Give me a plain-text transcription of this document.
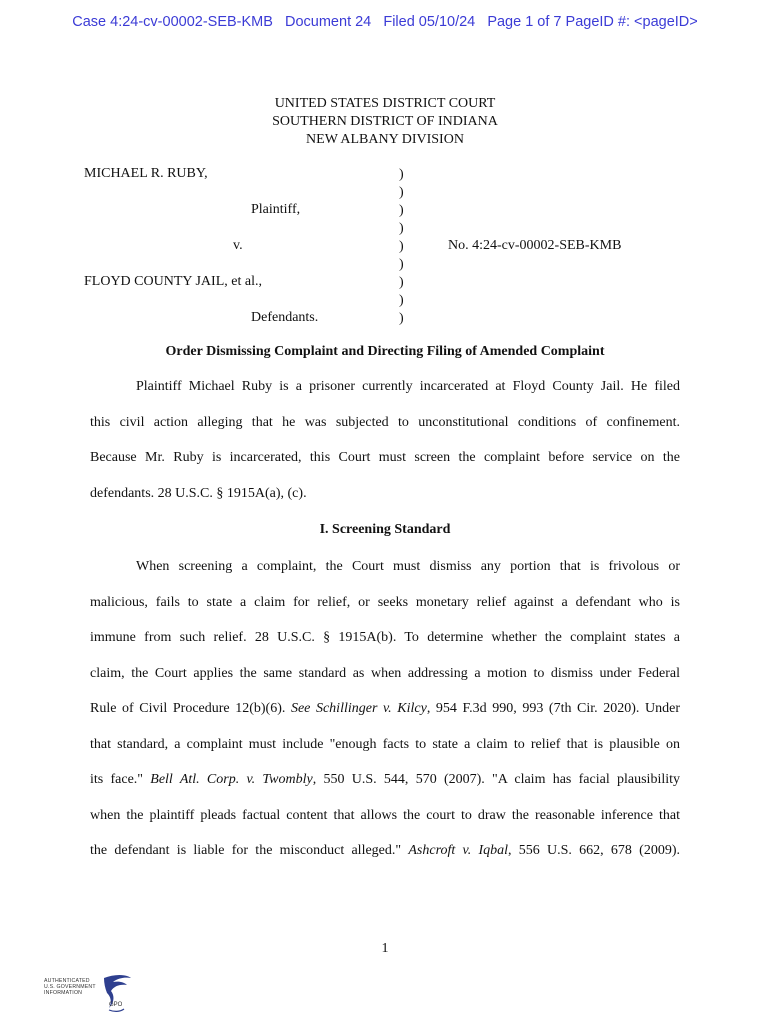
Case 4:24-cv-00002-SEB-KMB   Document 24   Filed 05/10/24   Page 1 of 7 PageID #: <pageID>
UNITED STATES DISTRICT COURT
SOUTHERN DISTRICT OF INDIANA
NEW ALBANY DIVISION
MICHAEL R. RUBY,
Plaintiff,
v.
FLOYD COUNTY JAIL, et al.,
Defendants.
No. 4:24-cv-00002-SEB-KMB
)
)
)
)
)
)
)
)
)
Order Dismissing Complaint and Directing Filing of Amended Complaint
Plaintiff Michael Ruby is a prisoner currently incarcerated at Floyd County Jail. He filed
this civil action alleging that he was subjected to unconstitutional conditions of confinement.
Because Mr. Ruby is incarcerated, this Court must screen the complaint before service on the
defendants. 28 U.S.C. § 1915A(a), (c).
I. Screening Standard
When screening a complaint, the Court must dismiss any portion that is frivolous or
malicious, fails to state a claim for relief, or seeks monetary relief against a defendant who is
immune from such relief. 28 U.S.C. § 1915A(b). To determine whether the complaint states a
claim, the Court applies the same standard as when addressing a motion to dismiss under Federal
Rule of Civil Procedure 12(b)(6). See Schillinger v. Kilcy, 954 F.3d 990, 993 (7th Cir. 2020). Under
that standard, a complaint must include "enough facts to state a claim to relief that is plausible on
its face." Bell Atl. Corp. v. Twombly, 550 U.S. 544, 570 (2007). "A claim has facial plausibility
when the plaintiff pleads factual content that allows the court to draw the reasonable inference that
the defendant is liable for the misconduct alleged." Ashcroft v. Iqbal, 556 U.S. 662, 678 (2009).
1
AUTHENTICATED
U.S. GOVERNMENT
INFORMATION
GPO
